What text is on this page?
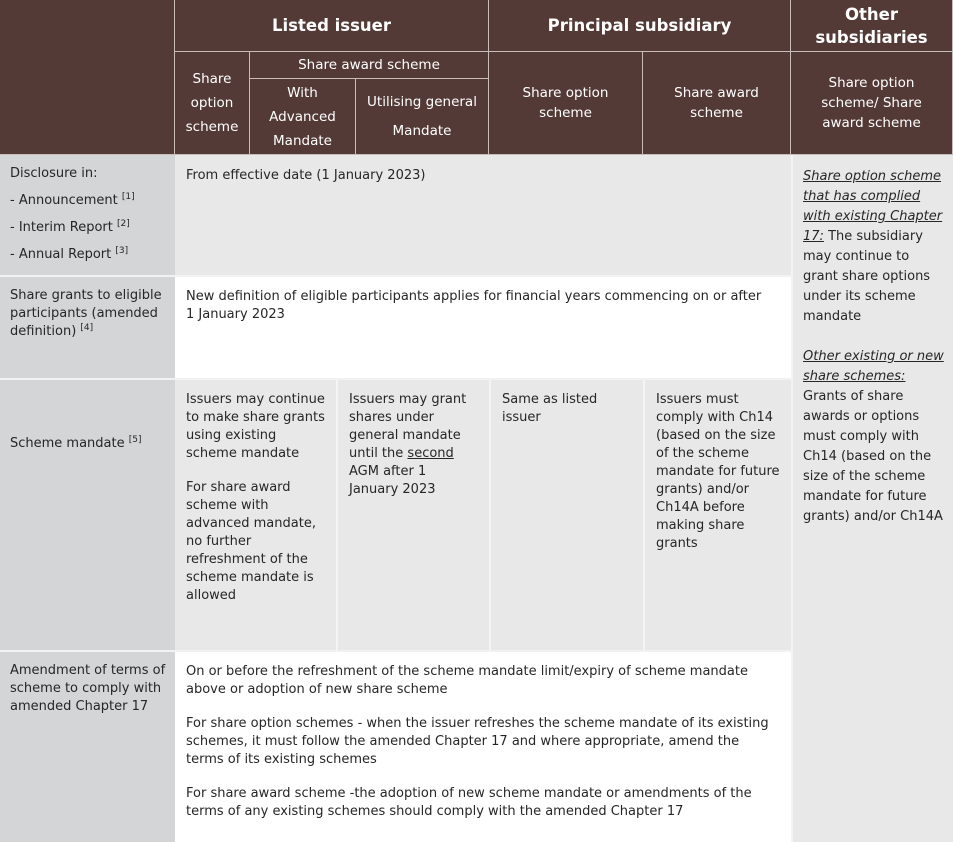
Listed issuer	Principal subsidiary
Other subsidiaries
Share option scheme
Share award scheme
With Advanced Mandate
Utilising general Mandate
Share option scheme
Share award scheme
Share option scheme/ Share award scheme
Disclosure in:
- Announcement [1]
- Interim Report [2]
- Annual Report [3]
From effective date (1 January 2023)
Share grants to eligible participants (amended definition) [4]
New definition of eligible participants applies for financial years commencing on or after 1 January 2023
Scheme mandate [5]
Issuers may continue to make share grants using existing scheme mandate
For share award scheme with advanced mandate, no further refreshment of the scheme mandate is allowed
Issuers may grant shares under general mandate until the second AGM after 1 January 2023
Same as listed issuer
Issuers must comply with Ch14 (based on the size of the scheme mandate for future grants) and/or Ch14A before making share grants
Amendment of terms of scheme to comply with amended Chapter 17
On or before the refreshment of the scheme mandate limit/expiry of scheme mandate above or adoption of new share scheme
For share option schemes - when the issuer refreshes the scheme mandate of its existing schemes, it must follow the amended Chapter 17 and where appropriate, amend the terms of its existing schemes
For share award scheme -the adoption of new scheme mandate or amendments of the terms of any existing schemes should comply with the amended Chapter 17
Share option scheme that has complied with existing Chapter 17: The subsidiary may continue to grant share options under its scheme mandate
Other existing or new share schemes: Grants of share awards or options must comply with Ch14 (based on the size of the scheme mandate for future grants) and/or Ch14A
